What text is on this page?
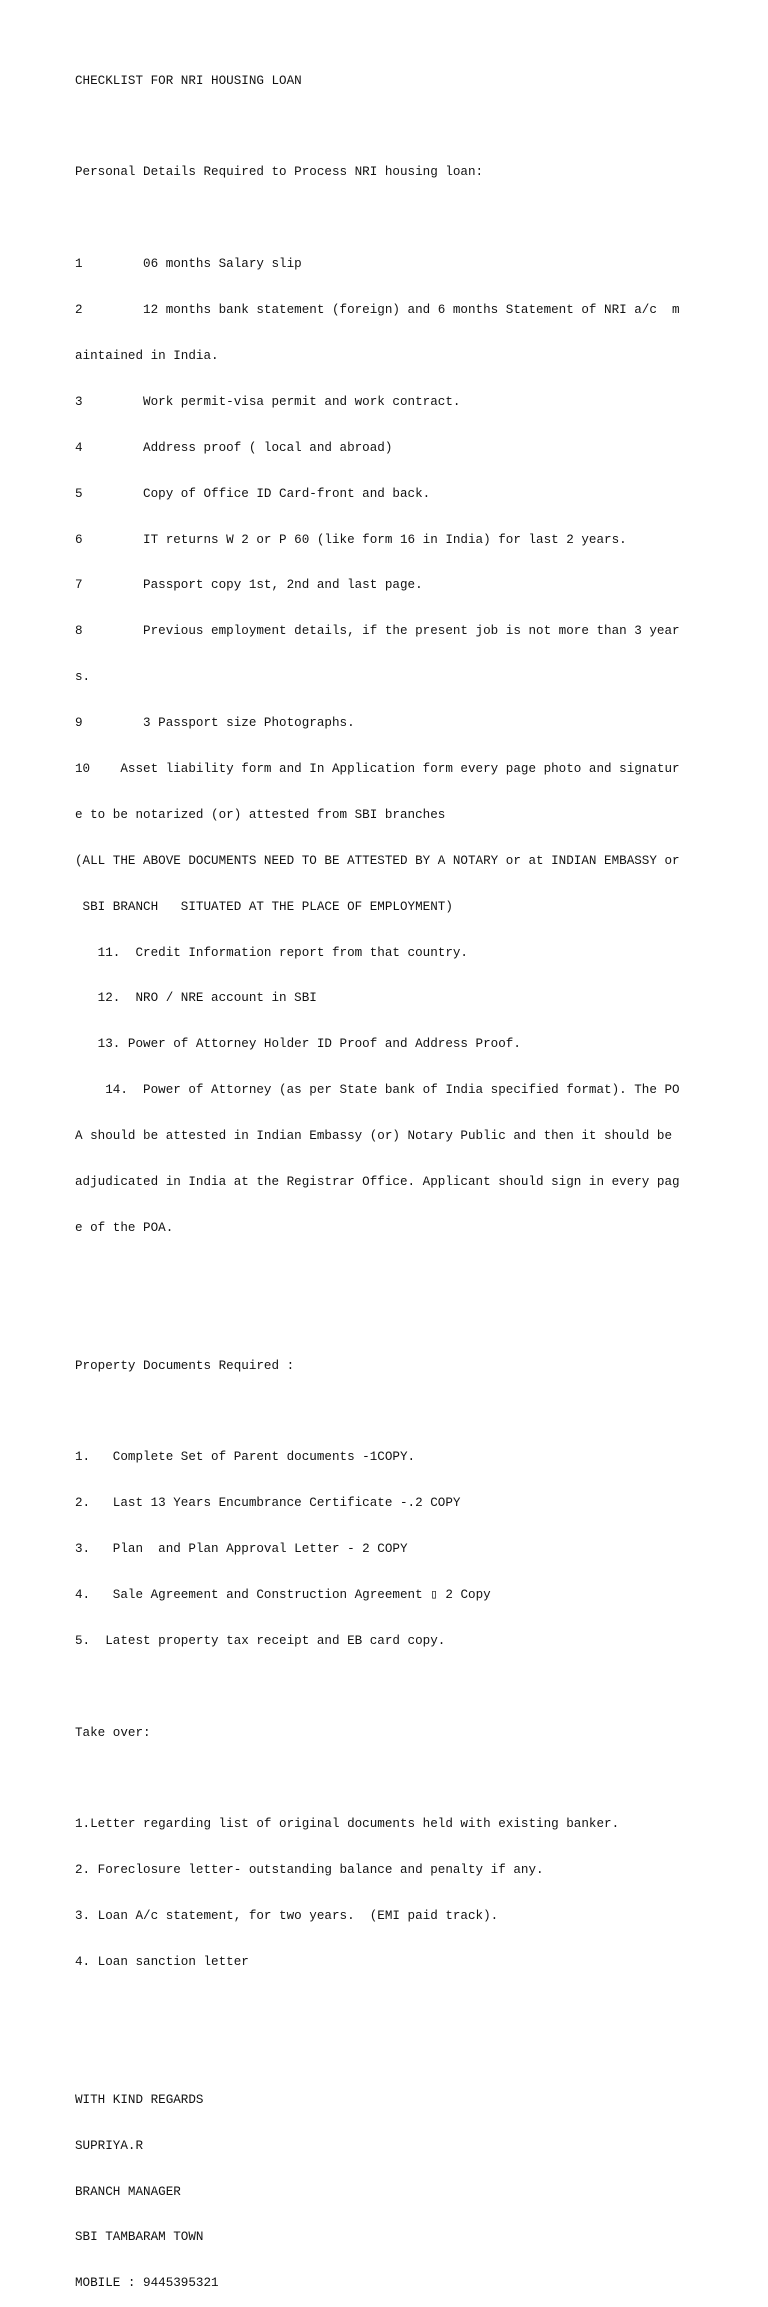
CHECKLIST FOR NRI HOUSING LOAN

Personal Details Required to Process NRI housing loan:

1        06 months Salary slip

2        12 months bank statement (foreign) and 6 months Statement of NRI a/c  m

aintained in India.

3        Work permit-visa permit and work contract.

4        Address proof ( local and abroad)

5        Copy of Office ID Card-front and back.

6        IT returns W 2 or P 60 (like form 16 in India) for last 2 years.

7        Passport copy 1st, 2nd and last page.

8        Previous employment details, if the present job is not more than 3 year

s.

9        3 Passport size Photographs.

10    Asset liability form and In Application form every page photo and signatur

e to be notarized (or) attested from SBI branches

(ALL THE ABOVE DOCUMENTS NEED TO BE ATTESTED BY A NOTARY or at INDIAN EMBASSY or

SBI BRANCH   SITUATED AT THE PLACE OF EMPLOYMENT)

11.  Credit Information report from that country.

12.  NRO / NRE account in SBI

13. Power of Attorney Holder ID Proof and Address Proof.

14.  Power of Attorney (as per State bank of India specified format). The PO

A should be attested in Indian Embassy (or) Notary Public and then it should be

adjudicated in India at the Registrar Office. Applicant should sign in every pag

e of the POA.

Property Documents Required :

1.   Complete Set of Parent documents -1COPY.

2.   Last 13 Years Encumbrance Certificate -.2 COPY

3.   Plan  and Plan Approval Letter - 2 COPY

4.   Sale Agreement and Construction Agreement ▯ 2 Copy

5.  Latest property tax receipt and EB card copy.

Take over:

1.Letter regarding list of original documents held with existing banker.

2. Foreclosure letter- outstanding balance and penalty if any.

3. Loan A/c statement, for two years.  (EMI paid track).

4. Loan sanction letter

WITH KIND REGARDS

SUPRIYA.R

BRANCH MANAGER

SBI TAMBARAM TOWN

MOBILE : 9445395321
